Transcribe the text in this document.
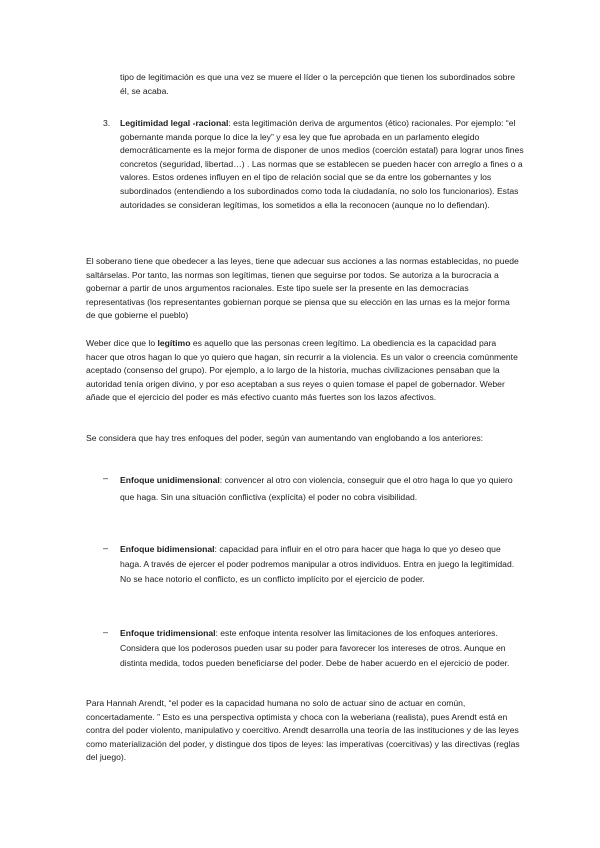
tipo de legitimación es que una vez se muere el líder o la percepción que tienen los subordinados sobre él, se acaba.

3. Legitimidad legal -racional: esta legitimación deriva de argumentos (ético) racionales. Por ejemplo: “el gobernante manda porque lo dice la ley” y esa ley que fue aprobada en un parlamento elegido democráticamente es la mejor forma de disponer de unos medios (coerción estatal) para lograr unos fines concretos (seguridad, libertad…) . Las normas que se establecen se pueden hacer con arreglo a fines o a valores. Estos ordenes influyen en el tipo de relación social que se da entre los gobernantes y los subordinados (entendiendo a los subordinados como toda la ciudadanía, no solo los funcionarios). Estas autoridades se consideran legítimas, los sometidos a ella la reconocen (aunque no lo defiendan).

El soberano tiene que obedecer a las leyes, tiene que adecuar sus acciones a las normas establecidas, no puede saltárselas. Por tanto, las normas son legítimas, tienen que seguirse por todos. Se autoriza a la burocracia a gobernar a partir de unos argumentos racionales. Este tipo suele ser la presente en las democracias representativas (los representantes gobiernan porque se piensa que su elección en las urnas es la mejor forma de que gobierne el pueblo)

Weber dice que lo legítimo es aquello que las personas creen legítimo. La obediencia es la capacidad para hacer que otros hagan lo que yo quiero que hagan, sin recurrir a la violencia. Es un valor o creencia comúnmente aceptado (consenso del grupo). Por ejemplo, a lo largo de la historia, muchas civilizaciones pensaban que la autoridad tenía origen divino, y por eso aceptaban a sus reyes o quien tomase el papel de gobernador. Weber añade que el ejercicio del poder es más efectivo cuanto más fuertes son los lazos afectivos.

Se considera que hay tres enfoques del poder, según van aumentando van englobando a los anteriores:

– Enfoque unidimensional: convencer al otro con violencia, conseguir que el otro haga lo que yo quiero que haga. Sin una situación conflictiva (explícita) el poder no cobra visibilidad.

– Enfoque bidimensional: capacidad para influir en el otro para hacer que haga lo que yo deseo que haga. A través de ejercer el poder podremos manipular a otros individuos. Entra en juego la legitimidad. No se hace notorio el conflicto, es un conflicto implícito por el ejercicio de poder.

– Enfoque tridimensional: este enfoque intenta resolver las limitaciones de los enfoques anteriores. Considera que los poderosos pueden usar su poder para favorecer los intereses de otros. Aunque en distinta medida, todos pueden beneficiarse del poder. Debe de haber acuerdo en el ejercicio de poder.

Para Hannah Arendt, “el poder es la capacidad humana no solo de actuar sino de actuar en común, concertadamente. ” Esto es una perspectiva optimista y choca con la weberiana (realista), pues Arendt está en contra del poder violento, manipulativo y coercitivo. Arendt desarrolla una teoría de las instituciones y de las leyes como materialización del poder, y distingue dos tipos de leyes: las imperativas (coercitivas) y las directivas (reglas del juego).
